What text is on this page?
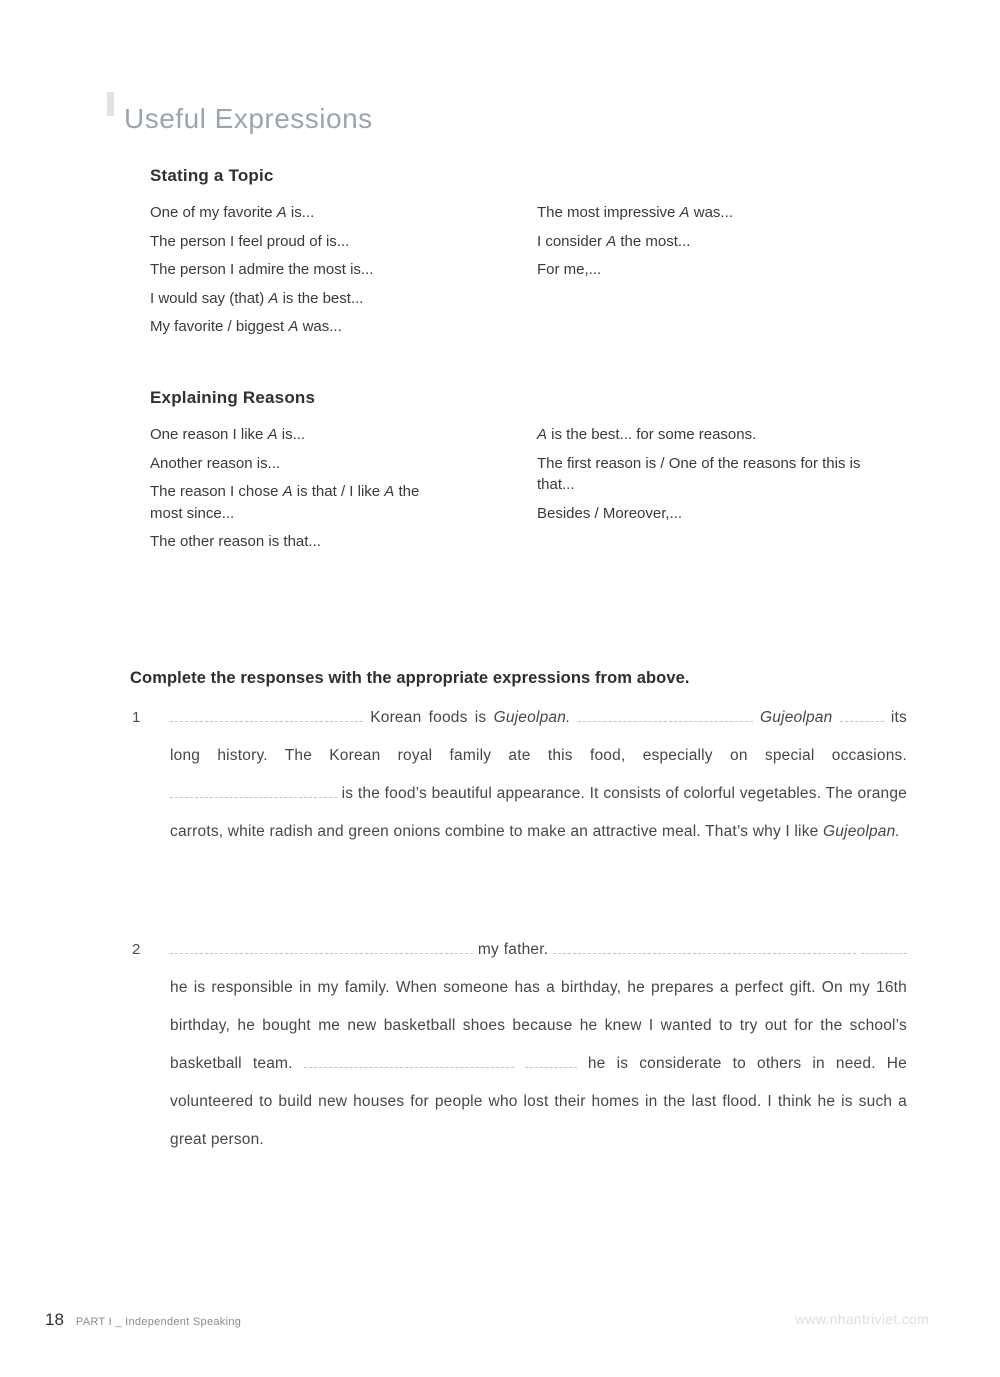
Useful Expressions
Stating a Topic

One of my favorite A is...

The person I feel proud of is...

The person I admire the most is...

I would say (that) A is the best...

My favorite / biggest A was...

The most impressive A was...

I consider A the most...

For me,...

Explaining Reasons

One reason I like A is...

Another reason is...

The reason I chose A is that / I like A the most since...

The other reason is that...

A is the best... for some reasons.

The first reason is / One of the reasons for this is that...

Besides / Moreover,...

Complete the responses with the appropriate expressions from above.
1	Korean foods is Gujeolpan.	Gujeolpan	its long history. The Korean royal family ate this food, especially on special occasions.  is the food’s beautiful appearance. It consists of colorful vegetables. The orange carrots, white radish and green onions combine to make an attractive meal. That’s why I like Gujeolpan.
2	my father.   he is responsible in my family. When someone has a birthday, he prepares a perfect gift. On my 16th birthday, he bought me new basketball shoes because he knew I wanted to try out for the school’s basketball team.	he is considerate to others in need. He volunteered to build new houses for people who lost their homes in the last flood. I think he is such a great person.
18 PART I _ Independent Speaking	www.nhantriviet.com
